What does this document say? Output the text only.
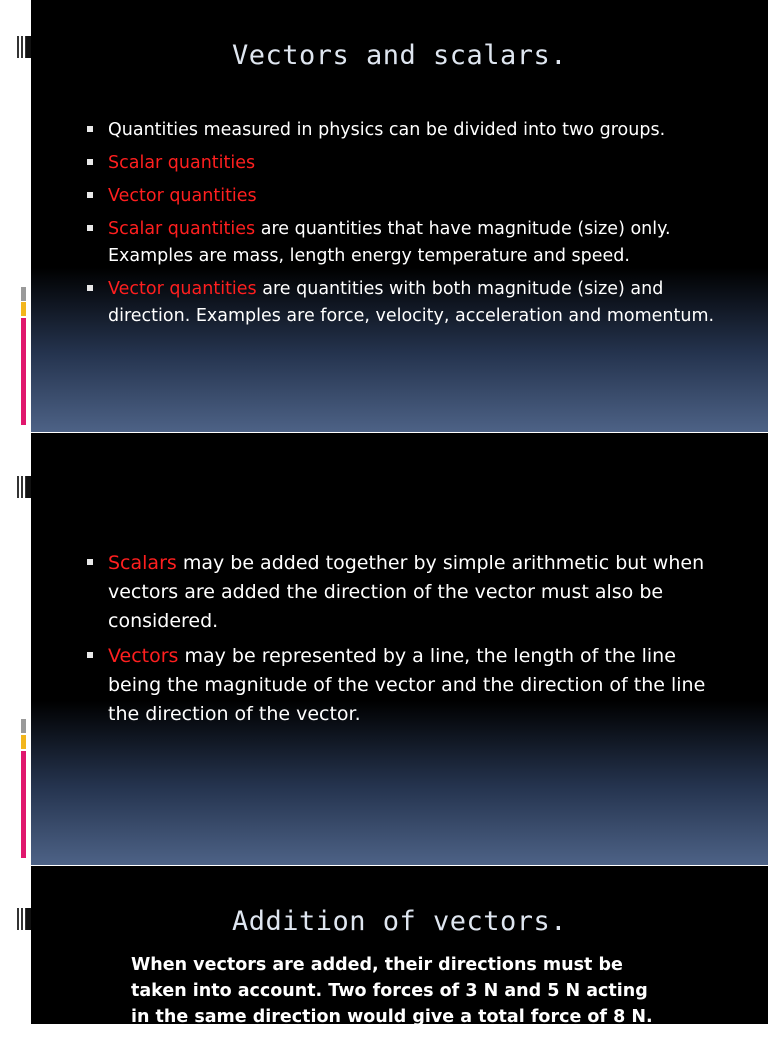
Vectors and scalars.
Quantities measured in physics can be divided into two groups.
Scalar quantities
Vector quantities
Scalar quantities are quantities that have magnitude (size) only. Examples are mass, length energy temperature and speed.
Vector quantities are quantities with both magnitude (size) and direction. Examples are force, velocity, acceleration and momentum.
Scalars may be added together by simple arithmetic but when vectors are added the direction of the vector must also be considered.
Vectors may be represented by a line, the length of the line being the magnitude of the vector and the direction of the line the direction of the vector.
Addition of vectors.
When vectors are added, their directions must be taken into account. Two forces of 3 N and 5 N acting in the same direction would give a total force of 8 N. However,
